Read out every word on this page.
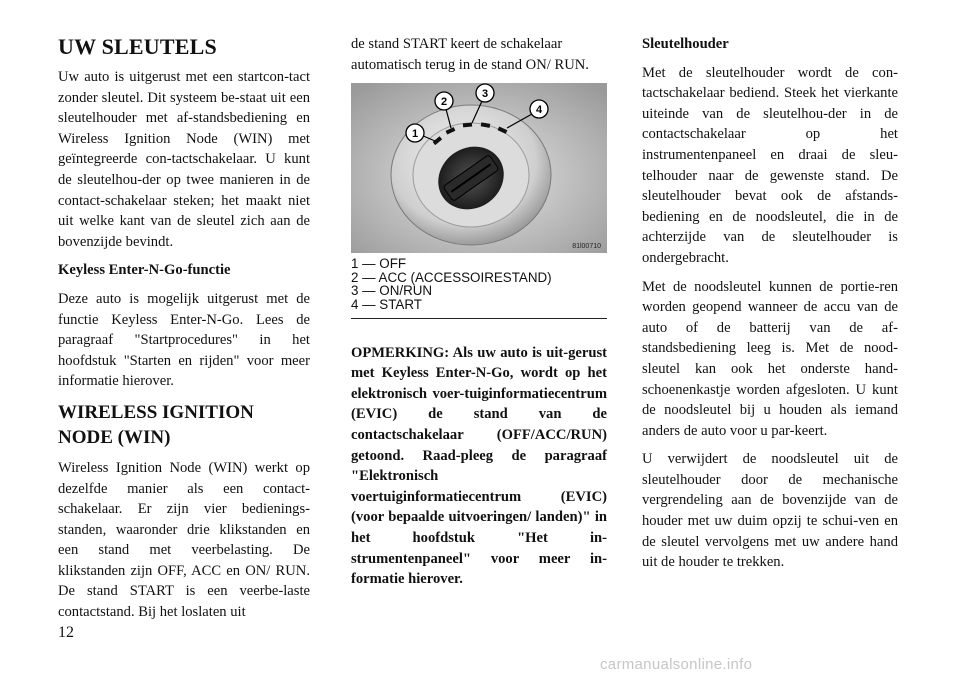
UW SLEUTELS

Uw auto is uitgerust met een startcon-tact zonder sleutel. Dit systeem be-staat uit een sleutelhouder met af-standsbediening en Wireless Ignition Node (WIN) met geïntegreerde con-tactschakelaar. U kunt de sleutelhou-der op twee manieren in de contact-schakelaar steken; het maakt niet uit welke kant van de sleutel zich aan de bovenzijde bevindt.

Keyless Enter-N-Go-functie

Deze auto is mogelijk uitgerust met de functie Keyless Enter-N-Go. Lees de paragraaf "Startprocedures" in het hoofdstuk "Starten en rijden" voor meer informatie hierover.

WIRELESS IGNITION
NODE (WIN)

Wireless Ignition Node (WIN) werkt op dezelfde manier als een contact-schakelaar. Er zijn vier bedienings-standen, waaronder drie klikstanden en een stand met veerbelasting. De klikstanden zijn OFF, ACC en ON/ RUN. De stand START is een veerbe-laste contactstand. Bij het loslaten uit

de stand START keert de schakelaar automatisch terug in de stand ON/ RUN.

1
2
3
4
81l00710
1 — OFF
2 — ACC (ACCESSOIRESTAND)
3 — ON/RUN
4 — START

OPMERKING: Als uw auto is uit-gerust met Keyless Enter-N-Go, wordt op het elektronisch voer-tuiginformatiecentrum (EVIC) de stand van de contactschakelaar (OFF/ACC/RUN) getoond. Raad-pleeg de paragraaf "Elektronisch voertuiginformatiecentrum (EVIC) (voor bepaalde uitvoeringen/ landen)" in het hoofdstuk "Het in-strumentenpaneel" voor meer in-formatie hierover.

Sleutelhouder

Met de sleutelhouder wordt de con-tactschakelaar bediend. Steek het vierkante uiteinde van de sleutelhou-der in de contactschakelaar op het instrumentenpaneel en draai de sleu-telhouder naar de gewenste stand. De sleutelhouder bevat ook de afstands-bediening en de noodsleutel, die in de achterzijde van de sleutelhouder is ondergebracht.

Met de noodsleutel kunnen de portie-ren worden geopend wanneer de accu van de auto of de batterij van de af-standsbediening leeg is. Met de nood-sleutel kan ook het onderste hand-schoenenkastje worden afgesloten. U kunt de noodsleutel bij u houden als iemand anders de auto voor u par-keert.

U verwijdert de noodsleutel uit de sleutelhouder door de mechanische vergrendeling aan de bovenzijde van de houder met uw duim opzij te schui-ven en de sleutel vervolgens met uw andere hand uit de houder te trekken.

12
carmanualsonline.info
